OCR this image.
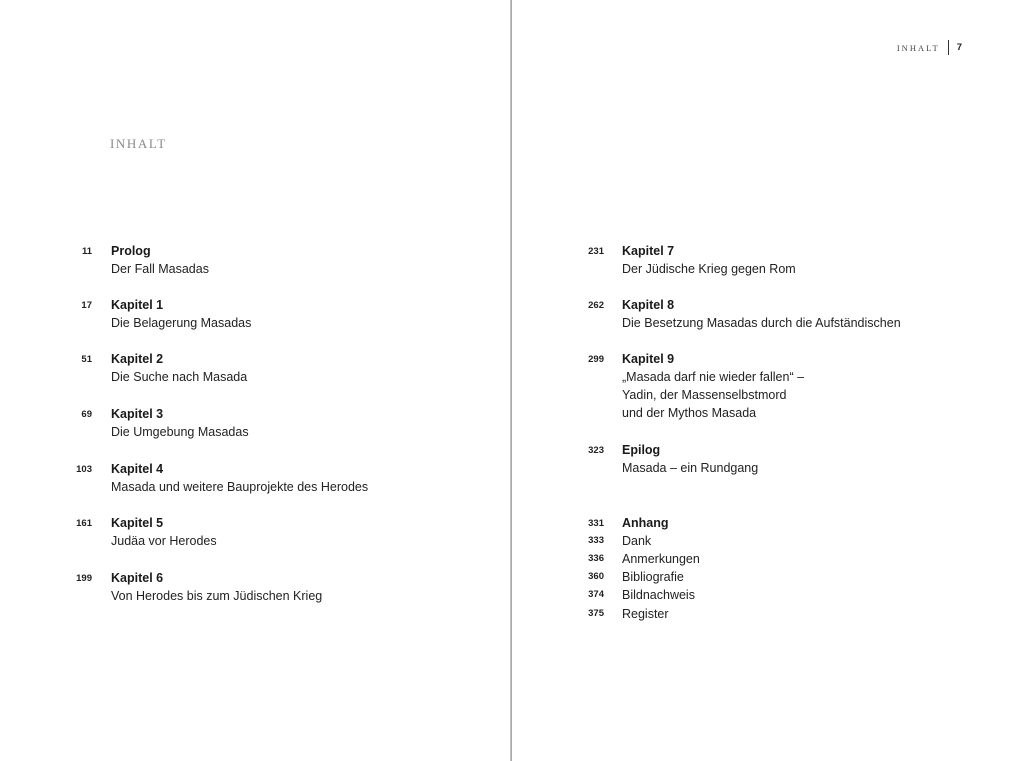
INHALT
11 Prolog
Der Fall Masadas
17 Kapitel 1
Die Belagerung Masadas
51 Kapitel 2
Die Suche nach Masada
69 Kapitel 3
Die Umgebung Masadas
103 Kapitel 4
Masada und weitere Bauprojekte des Herodes
161 Kapitel 5
Judäa vor Herodes
199 Kapitel 6
Von Herodes bis zum Jüdischen Krieg
INHALT 7
231 Kapitel 7
Der Jüdische Krieg gegen Rom
262 Kapitel 8
Die Besetzung Masadas durch die Aufständischen
299 Kapitel 9
„Masada darf nie wieder fallen“ –
Yadin, der Massenselbstmord
und der Mythos Masada
323 Epilog
Masada – ein Rundgang
331 Anhang
333 Dank
336 Anmerkungen
360 Bibliografie
374 Bildnachweis
375 Register
